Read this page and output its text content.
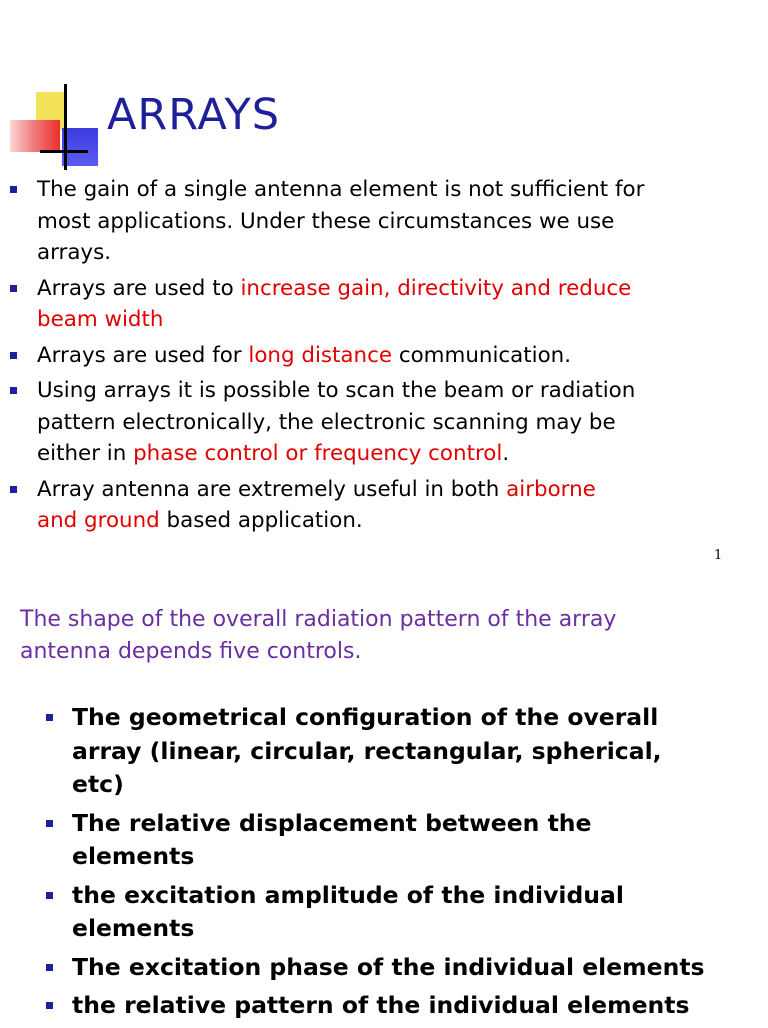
ARRAYS
The gain of a single antenna element is not sufficient for
most applications. Under these circumstances we use
arrays.
Arrays are used to increase gain, directivity and reduce
beam width
Arrays are used for long distance communication.
Using arrays it is possible to scan the beam or radiation
pattern electronically, the electronic scanning may be
either in phase control or frequency control.
Array antenna are extremely useful in both airborne
and ground based application.
1
The shape of the overall radiation pattern of the array
antenna depends five controls.
The geometrical configuration of the overall
array (linear, circular, rectangular, spherical,
etc)
The relative displacement between the
elements
the excitation amplitude of the individual
elements
The excitation phase of the individual elements
the relative pattern of the individual elements
